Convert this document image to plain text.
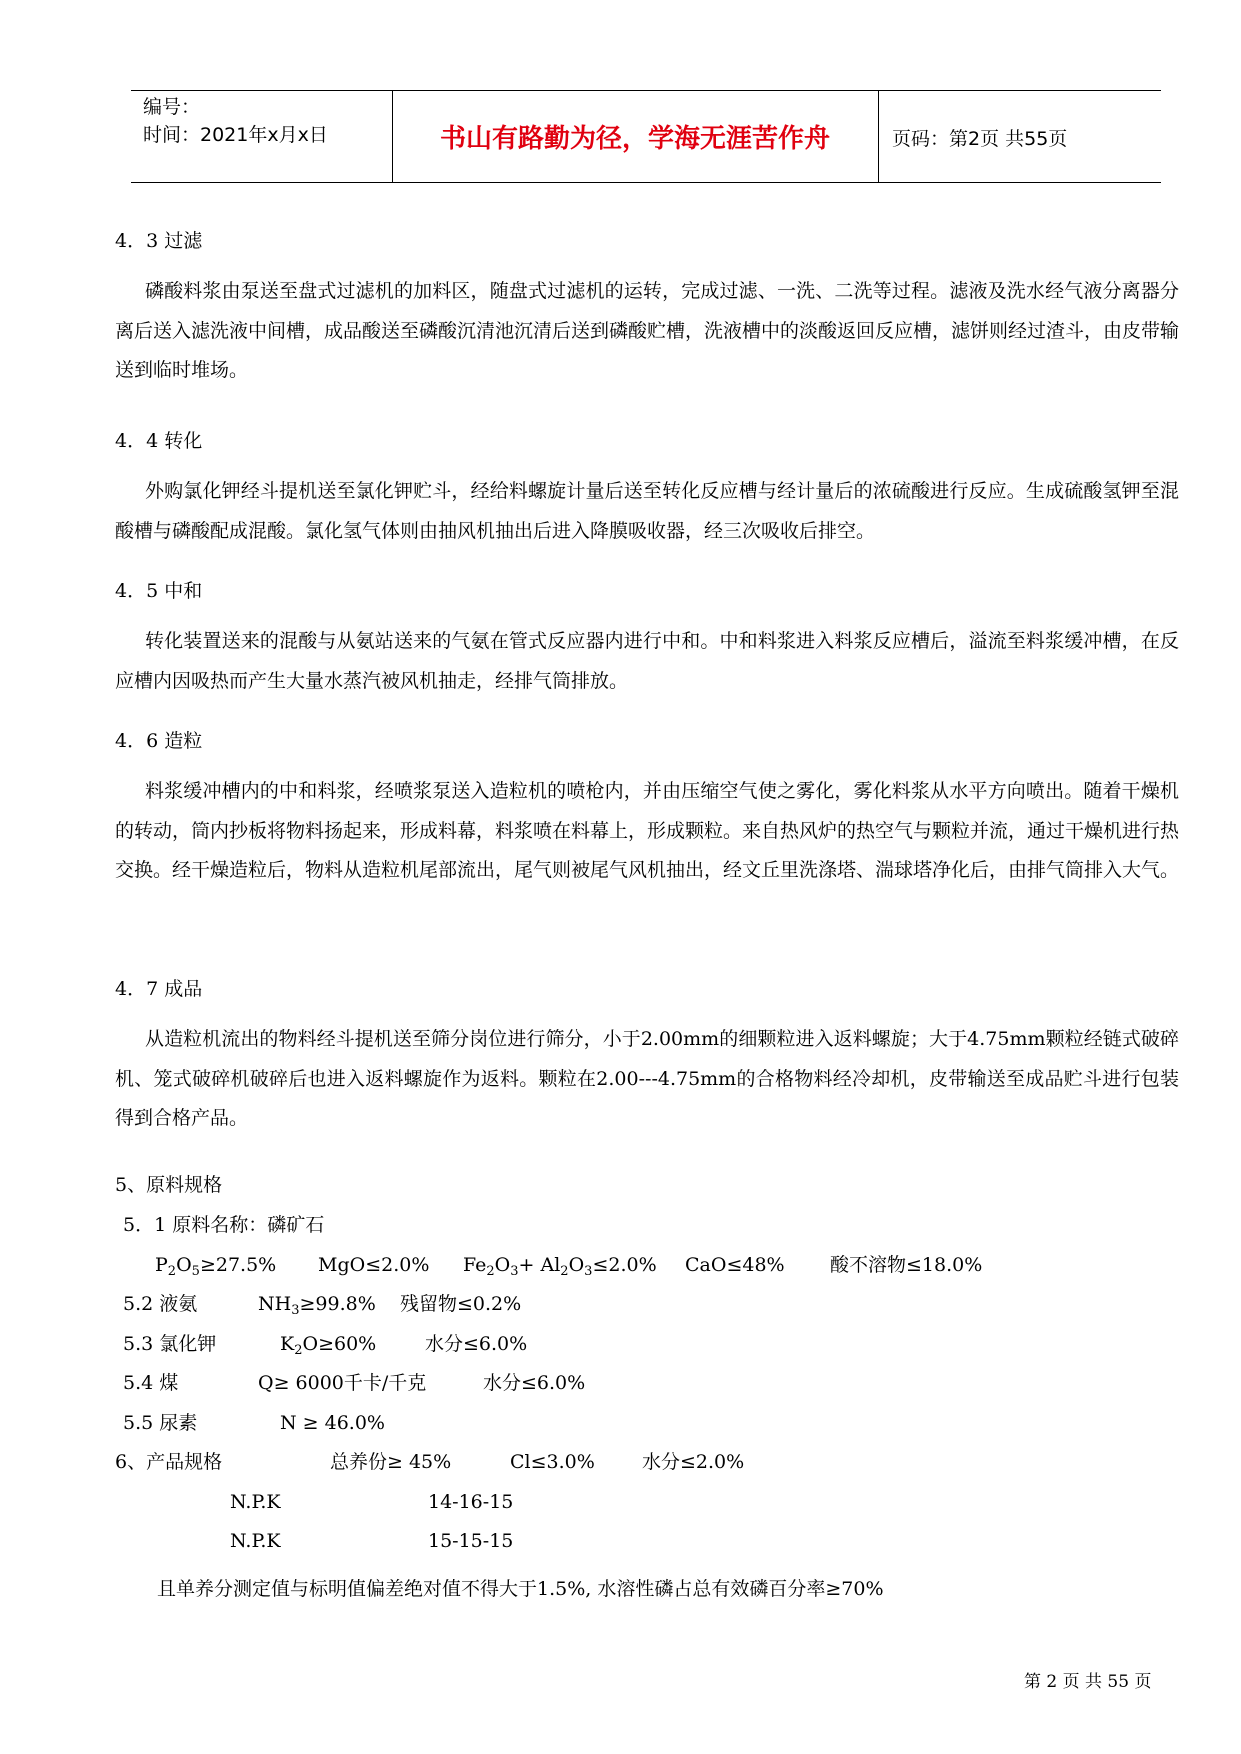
编号：
时间：2021年x月x日	书山有路勤为径，学海无涯苦作舟	页码：第2页 共55页
4．3 过滤

磷酸料浆由泵送至盘式过滤机的加料区，随盘式过滤机的运转，完成过滤、一洗、二洗等过程。滤液及洗水经气液分离器分离后送入滤洗液中间槽，成品酸送至磷酸沉清池沉清后送到磷酸贮槽，洗液槽中的淡酸返回反应槽，滤饼则经过渣斗，由皮带输送到临时堆场。

4．4 转化

外购氯化钾经斗提机送至氯化钾贮斗，经给料螺旋计量后送至转化反应槽与经计量后的浓硫酸进行反应。生成硫酸氢钾至混酸槽与磷酸配成混酸。氯化氢气体则由抽风机抽出后进入降膜吸收器，经三次吸收后排空。

4．5 中和

转化装置送来的混酸与从氨站送来的气氨在管式反应器内进行中和。中和料浆进入料浆反应槽后，溢流至料浆缓冲槽，在反应槽内因吸热而产生大量水蒸汽被风机抽走，经排气筒排放。

4．6 造粒

料浆缓冲槽内的中和料浆，经喷浆泵送入造粒机的喷枪内，并由压缩空气使之雾化，雾化料浆从水平方向喷出。随着干燥机的转动，筒内抄板将物料扬起来，形成料幕，料浆喷在料幕上，形成颗粒。来自热风炉的热空气与颗粒并流，通过干燥机进行热交换。经干燥造粒后，物料从造粒机尾部流出，尾气则被尾气风机抽出，经文丘里洗涤塔、湍球塔净化后，由排气筒排入大气。

4．7 成品

从造粒机流出的物料经斗提机送至筛分岗位进行筛分，小于2.00mm的细颗粒进入返料螺旋；大于4.75mm颗粒经链式破碎机、笼式破碎机破碎后也进入返料螺旋作为返料。颗粒在2.00---4.75mm的合格物料经冷却机，皮带输送至成品贮斗进行包装得到合格产品。

5、原料规格
5．1 原料名称：磷矿石
$P_2O_5\ge 27.5\%$ MgO≤2.0% $Fe_2O_3+ Al_2O_3\le 2.0\%$ CaO≤48% 酸不溶物≤18.0%
5.2 液氨	$NH_3\ge 99.8\%$ 残留物≤0.2%
5.3 氯化钾	$K_2O\ge 60\%$	水分≤6.0%
5.4 煤	Q≥ 6000千卡/千克	水分≤6.0%
5.5 尿素	N ≥ 46.0%
6、产品规格	总养份≥ 45%	Cl≤3.0% 水分≤2.0%
N.P.K	14-16-15
N.P.K	15-15-15
且单养分测定值与标明值偏差绝对值不得大于1.5%, 水溶性磷占总有效磷百分率≥70%
第 2 页 共 55 页
